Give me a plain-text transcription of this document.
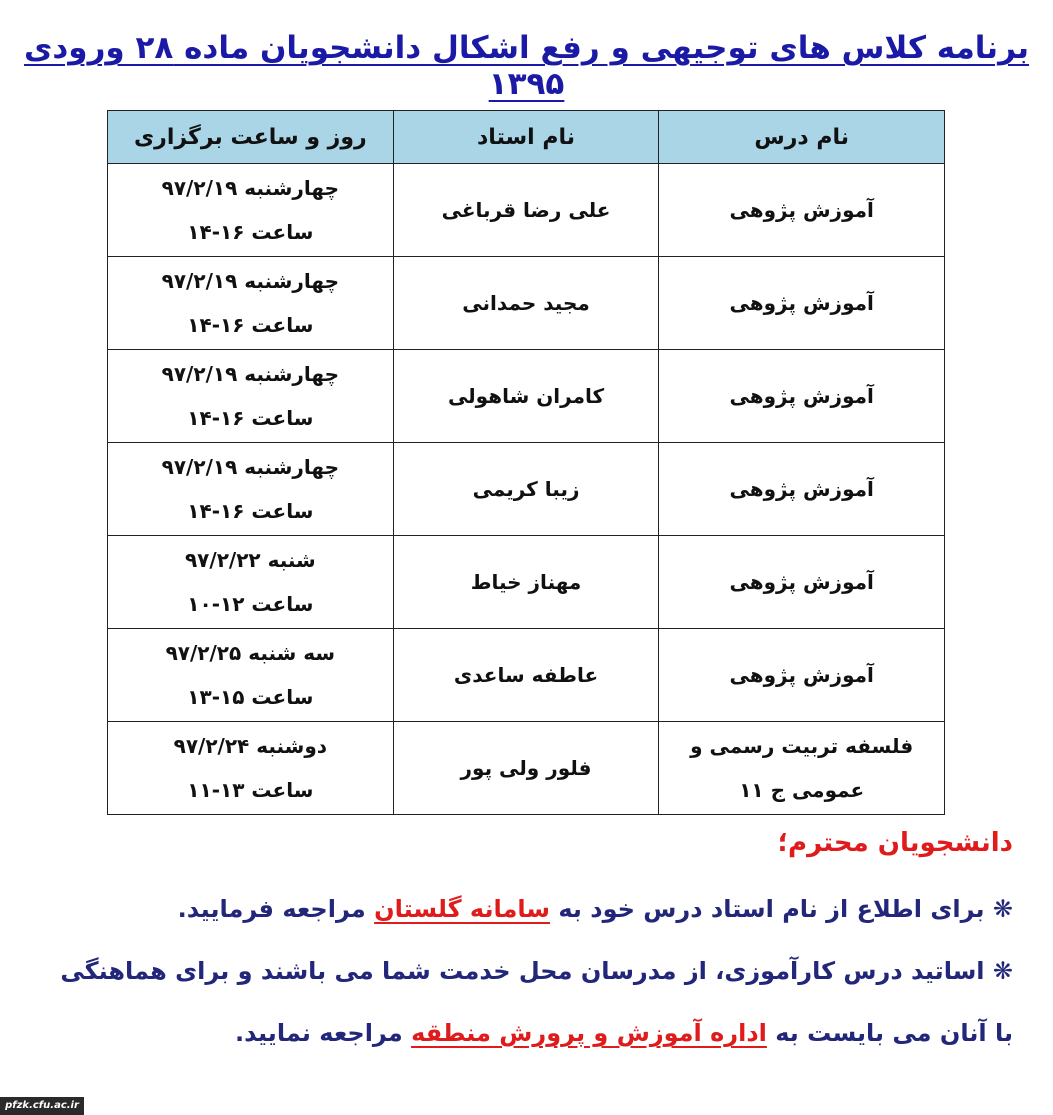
برنامه کلاس های توجیهی و رفع اشکال دانشجویان ماده ۲۸ ورودی ۱۳۹۵
نام درس	نام استاد	روز و ساعت برگزاری

آموزش پژوهی	علی رضا قرباغی	چهارشنبه ۹۷/۲/۱۹
ساعت ۱۶-۱۴

آموزش پژوهی	مجید حمدانی	چهارشنبه ۹۷/۲/۱۹
ساعت ۱۶-۱۴

آموزش پژوهی	کامران شاهولی	چهارشنبه ۹۷/۲/۱۹
ساعت ۱۶-۱۴

آموزش پژوهی	زیبا کریمی	چهارشنبه ۹۷/۲/۱۹
ساعت ۱۶-۱۴

آموزش پژوهی	مهناز خیاط	شنبه ۹۷/۲/۲۲
ساعت ۱۲-۱۰

آموزش پژوهی	عاطفه ساعدی	سه شنبه ۹۷/۲/۲۵
ساعت ۱۵-۱۳

فلسفه تربیت رسمی و
عمومی ج ۱۱	فلور ولی پور	دوشنبه ۹۷/۲/۲۴
ساعت ۱۳-۱۱

دانشجویان محترم؛

❋ برای اطلاع از نام استاد درس خود به سامانه گلستان مراجعه فرمایید.

❋ اساتید درس کارآموزی، از مدرسان محل خدمت شما می باشند و برای هماهنگی
با آنان می بایست به اداره آموزش و پرورش منطقه مراجعه نمایید.

pfzk.cfu.ac.ir
